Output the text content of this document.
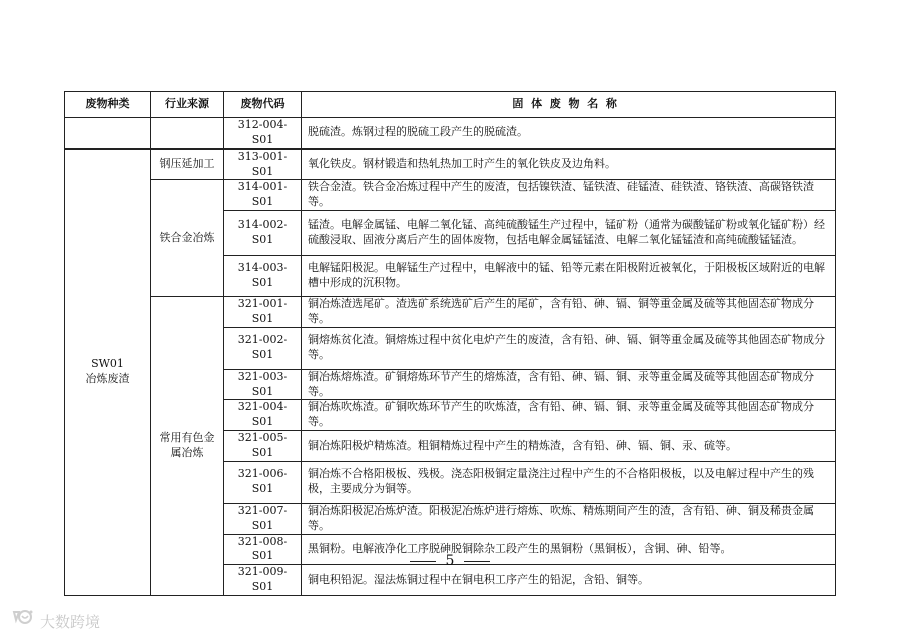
废物种类	行业来源	废物代码	固体废物名称
		312-004-S01	脱硫渣。炼钢过程的脱硫工段产生的脱硫渣。

SW01
冶炼废渣	钢压延加工	313-001-S01	氧化铁皮。钢材锻造和热轧热加工时产生的氧化铁皮及边角料。
	铁合金冶炼	314-001-S01	铁合金渣。铁合金冶炼过程中产生的废渣，包括镍铁渣、锰铁渣、硅锰渣、硅铁渣、铬铁渣、高碳铬铁渣等。
		314-002-S01	锰渣。电解金属锰、电解二氧化锰、高纯硫酸锰生产过程中，锰矿粉（通常为碳酸锰矿粉或氧化锰矿粉）经硫酸浸取、固液分离后产生的固体废物，包括电解金属锰锰渣、电解二氧化锰锰渣和高纯硫酸锰锰渣。
		314-003-S01	电解锰阳极泥。电解锰生产过程中，电解液中的锰、铅等元素在阳极附近被氧化，于阳极板区域附近的电解槽中形成的沉积物。
	常用有色金属冶炼	321-001-S01	铜冶炼渣选尾矿。渣选矿系统选矿后产生的尾矿，含有铅、砷、镉、铜等重金属及硫等其他固态矿物成分等。
		321-002-S01	铜熔炼贫化渣。铜熔炼过程中贫化电炉产生的废渣，含有铅、砷、镉、铜等重金属及硫等其他固态矿物成分等。
		321-003-S01	铜冶炼熔炼渣。矿铜熔炼环节产生的熔炼渣，含有铅、砷、镉、铜、汞等重金属及硫等其他固态矿物成分等。
		321-004-S01	铜冶炼吹炼渣。矿铜吹炼环节产生的吹炼渣，含有铅、砷、镉、铜、汞等重金属及硫等其他固态矿物成分等。
		321-005-S01	铜冶炼阳极炉精炼渣。粗铜精炼过程中产生的精炼渣，含有铅、砷、镉、铜、汞、硫等。
		321-006-S01	铜冶炼不合格阳极板、残极。浇态阳极铜定量浇注过程中产生的不合格阳极板，以及电解过程中产生的残极，主要成分为铜等。
		321-007-S01	铜冶炼阳极泥冶炼炉渣。阳极泥冶炼炉进行熔炼、吹炼、精炼期间产生的渣，含有铅、砷、铜及稀贵金属等。
		321-008-S01	黑铜粉。电解液净化工序脱砷脱铜除杂工段产生的黑铜粉（黑铜板），含铜、砷、铅等。
		321-009-S01	铜电积铅泥。湿法炼铜过程中在铜电积工序产生的铅泥，含铅、铜等。
5
大数跨境
